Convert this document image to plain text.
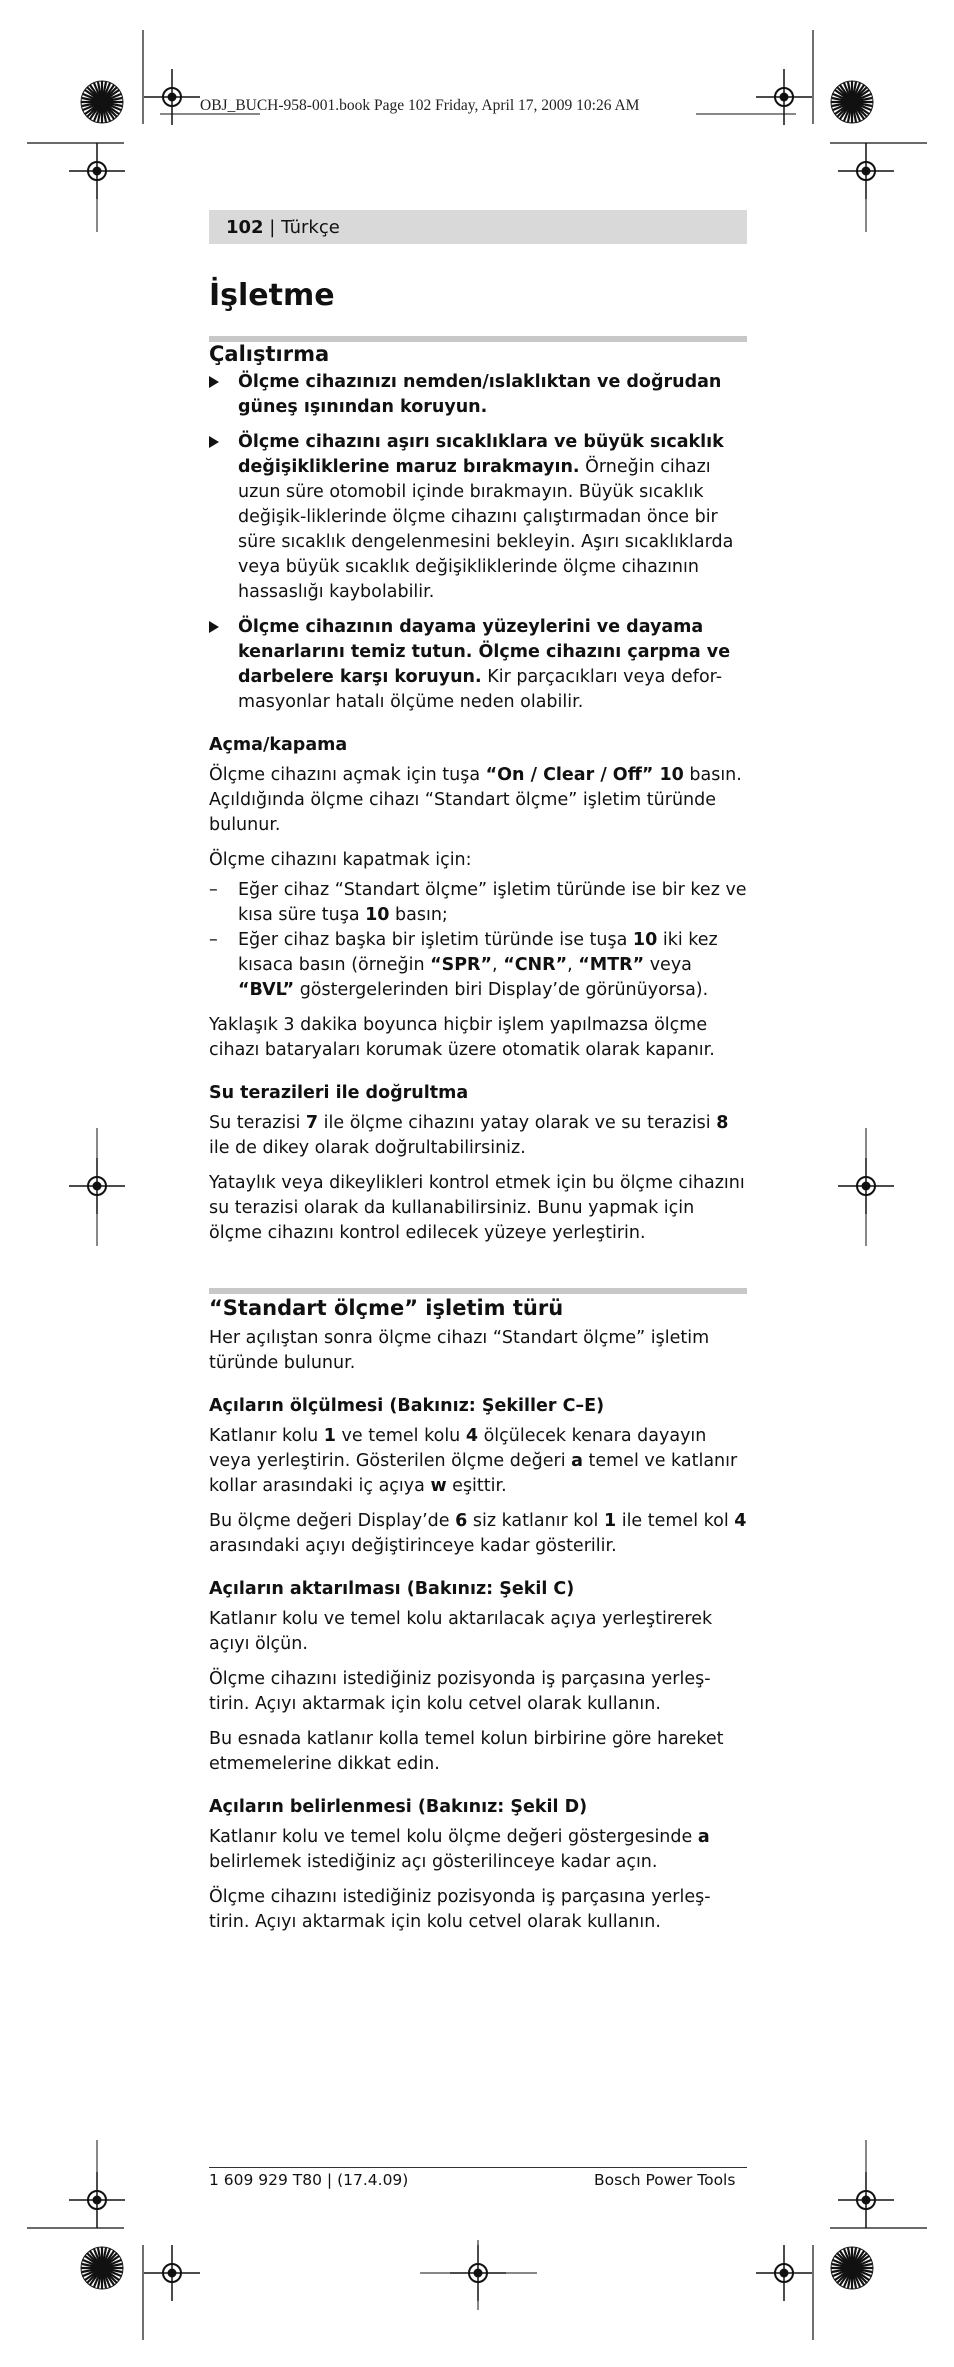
OBJ_BUCH-958-001.book Page 102 Friday, April 17, 2009 10:26 AM
102 | Türkçe
İşletme
Çalıştırma
Ölçme cihazınızı nemden/ıslaklıktan ve doğrudan güneş ışınından koruyun.
Ölçme cihazını aşırı sıcaklıklara ve büyük sıcaklık değişikliklerine maruz bırakmayın. Örneğin cihazı uzun süre otomobil içinde bırakmayın. Büyük sıcaklık değişik-liklerinde ölçme cihazını çalıştırmadan önce bir süre sıcaklık dengelenmesini bekleyin. Aşırı sıcaklıklarda veya büyük sıcaklık değişikliklerinde ölçme cihazının hassaslığı kaybolabilir.
Ölçme cihazının dayama yüzeylerini ve dayama kenarlarını temiz tutun. Ölçme cihazını çarpma ve darbelere karşı koruyun. Kir parçacıkları veya defor-masyonlar hatalı ölçüme neden olabilir.
Açma/kapama
Ölçme cihazını açmak için tuşa “On / Clear / Off” 10 basın. Açıldığında ölçme cihazı “Standart ölçme” işletim türünde bulunur.
Ölçme cihazını kapatmak için:
– Eğer cihaz “Standart ölçme” işletim türünde ise bir kez ve kısa süre tuşa 10 basın;
– Eğer cihaz başka bir işletim türünde ise tuşa 10 iki kez kısaca basın (örneğin “SPR”, “CNR”, “MTR” veya “BVL” göstergelerinden biri Display’de görünüyorsa).
Yaklaşık 3 dakika boyunca hiçbir işlem yapılmazsa ölçme cihazı bataryaları korumak üzere otomatik olarak kapanır.
Su terazileri ile doğrultma
Su terazisi 7 ile ölçme cihazını yatay olarak ve su terazisi 8 ile de dikey olarak doğrultabilirsiniz.
Yataylık veya dikeylikleri kontrol etmek için bu ölçme cihazını su terazisi olarak da kullanabilirsiniz. Bunu yapmak için ölçme cihazını kontrol edilecek yüzeye yerleştirin.
“Standart ölçme” işletim türü
Her açılıştan sonra ölçme cihazı “Standart ölçme” işletim türünde bulunur.
Açıların ölçülmesi (Bakınız: Şekiller C–E)
Katlanır kolu 1 ve temel kolu 4 ölçülecek kenara dayayın veya yerleştirin. Gösterilen ölçme değeri a temel ve katlanır kollar arasındaki iç açıya w eşittir.
Bu ölçme değeri Display’de 6 siz katlanır kol 1 ile temel kol 4 arasındaki açıyı değiştirinceye kadar gösterilir.
Açıların aktarılması (Bakınız: Şekil C)
Katlanır kolu ve temel kolu aktarılacak açıya yerleştirerek açıyı ölçün.
Ölçme cihazını istediğiniz pozisyonda iş parçasına yerleş-tirin. Açıyı aktarmak için kolu cetvel olarak kullanın.
Bu esnada katlanır kolla temel kolun birbirine göre hareket etmemelerine dikkat edin.
Açıların belirlenmesi (Bakınız: Şekil D)
Katlanır kolu ve temel kolu ölçme değeri göstergesinde a belirlemek istediğiniz açı gösterilinceye kadar açın.
Ölçme cihazını istediğiniz pozisyonda iş parçasına yerleş-tirin. Açıyı aktarmak için kolu cetvel olarak kullanın.
1 609 929 T80 | (17.4.09)	Bosch Power Tools
